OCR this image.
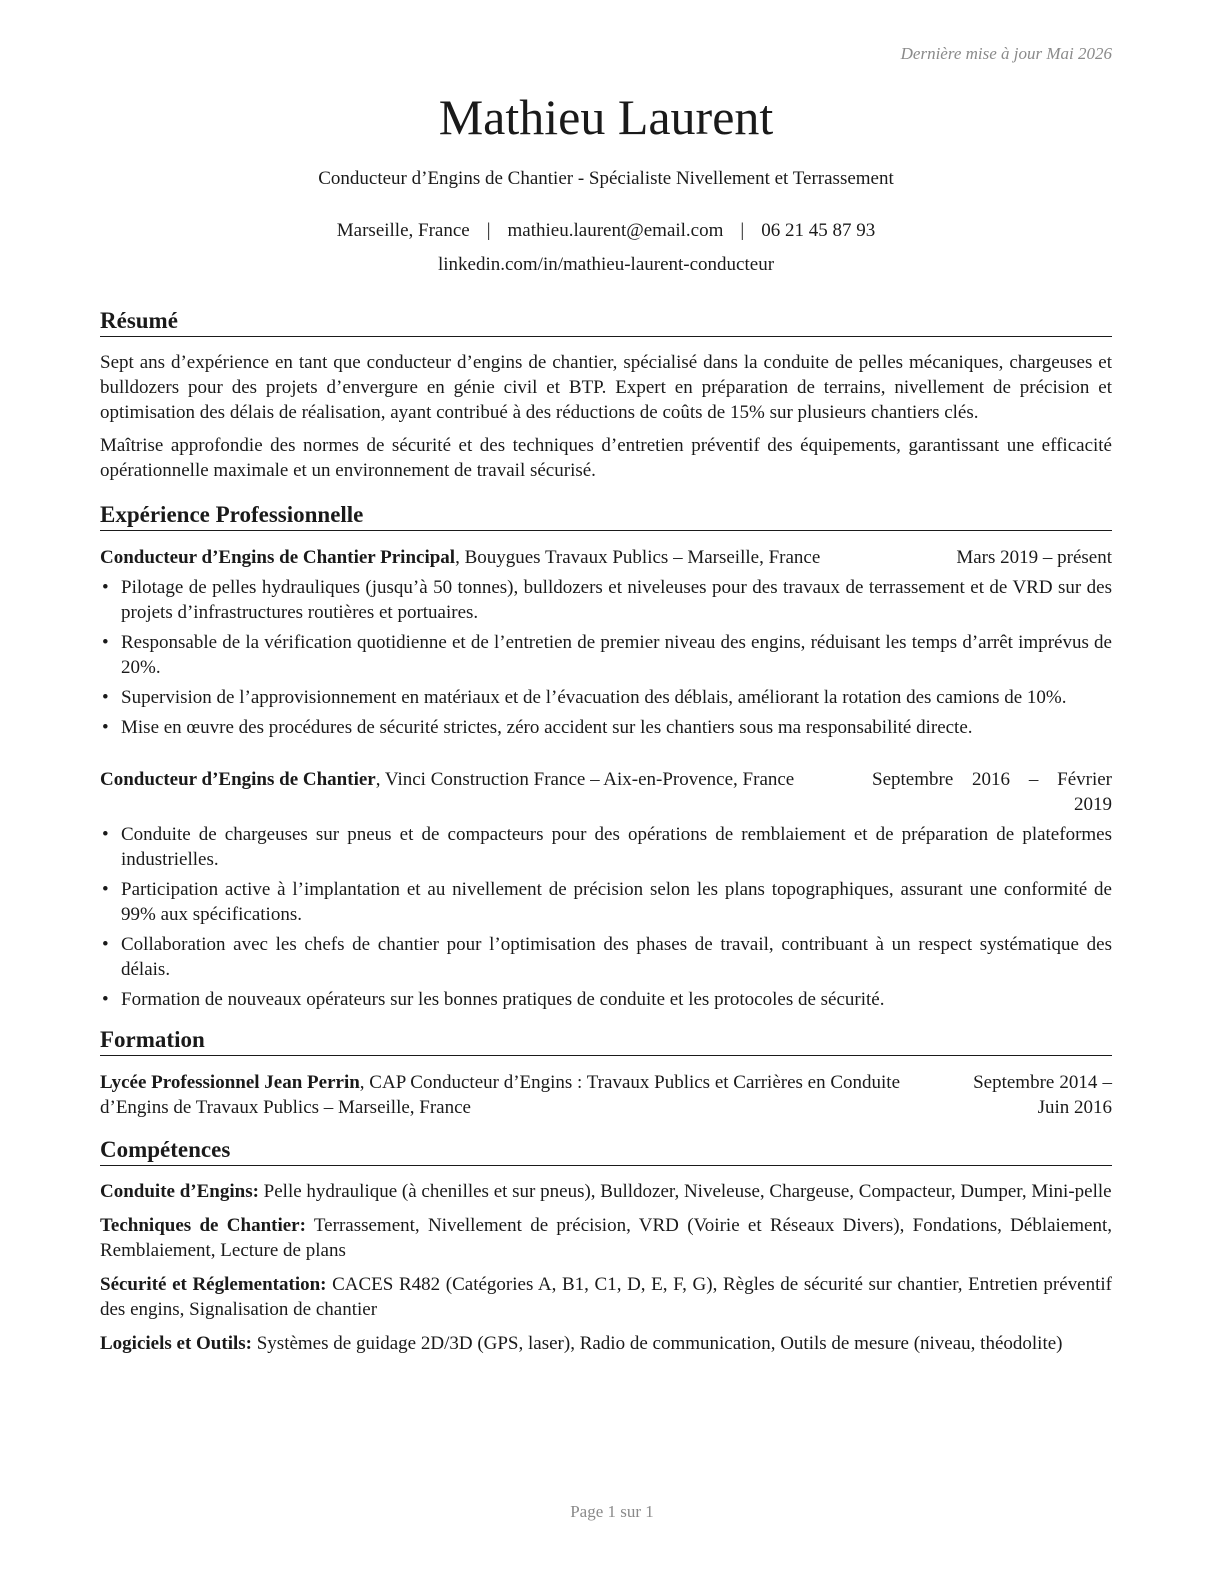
Dernière mise à jour Mai 2026
Mathieu Laurent
Conducteur d’Engins de Chantier - Spécialiste Nivellement et Terrassement
Marseille, France | mathieu.laurent@email.com | 06 21 45 87 93
linkedin.com/in/mathieu-laurent-conducteur
Résumé

Sept ans d’expérience en tant que conducteur d’engins de chantier, spécialisé dans la conduite de pelles mécaniques, chargeuses et bulldozers pour des projets d’envergure en génie civil et BTP. Expert en préparation de terrains, nivellement de précision et optimisation des délais de réalisation, ayant contribué à des réductions de coûts de 15% sur plusieurs chantiers clés.

Maîtrise approfondie des normes de sécurité et des techniques d’entretien préventif des équipements, garantissant une efficacité opérationnelle maximale et un environnement de travail sécurisé.

Expérience Professionnelle
Conducteur d’Engins de Chantier Principal, Bouygues Travaux Publics – Marseille, France	Mars 2019 – présent
• Pilotage de pelles hydrauliques (jusqu’à 50 tonnes), bulldozers et niveleuses pour des travaux de terrassement et de VRD sur des projets d’infrastructures routières et portuaires.
• Responsable de la vérification quotidienne et de l’entretien de premier niveau des engins, réduisant les temps d’arrêt imprévus de 20%.
• Supervision de l’approvisionnement en matériaux et de l’évacuation des déblais, améliorant la rotation des camions de 10%.
• Mise en œuvre des procédures de sécurité strictes, zéro accident sur les chantiers sous ma responsabilité directe.
Conducteur d’Engins de Chantier, Vinci Construction France – Aix-en-Provence, France	Septembre 2016 – Février 2019
• Conduite de chargeuses sur pneus et de compacteurs pour des opérations de remblaiement et de préparation de plateformes industrielles.
• Participation active à l’implantation et au nivellement de précision selon les plans topographiques, assurant une conformité de 99% aux spécifications.
• Collaboration avec les chefs de chantier pour l’optimisation des phases de travail, contribuant à un respect systématique des délais.
• Formation de nouveaux opérateurs sur les bonnes pratiques de conduite et les protocoles de sécurité.
Formation
Lycée Professionnel Jean Perrin, CAP Conducteur d’Engins : Travaux Publics et Carrières en Conduite d’Engins de Travaux Publics – Marseille, France
Septembre 2014 – Juin 2016
Compétences
Conduite d’Engins: Pelle hydraulique (à chenilles et sur pneus), Bulldozer, Niveleuse, Chargeuse, Compacteur, Dumper, Mini-pelle
Techniques de Chantier: Terrassement, Nivellement de précision, VRD (Voirie et Réseaux Divers), Fondations, Déblaiement, Remblaiement, Lecture de plans
Sécurité et Réglementation: CACES R482 (Catégories A, B1, C1, D, E, F, G), Règles de sécurité sur chantier, Entretien préventif des engins, Signalisation de chantier
Logiciels et Outils: Systèmes de guidage 2D/3D (GPS, laser), Radio de communication, Outils de mesure (niveau, théodolite)
Page 1 sur 1
